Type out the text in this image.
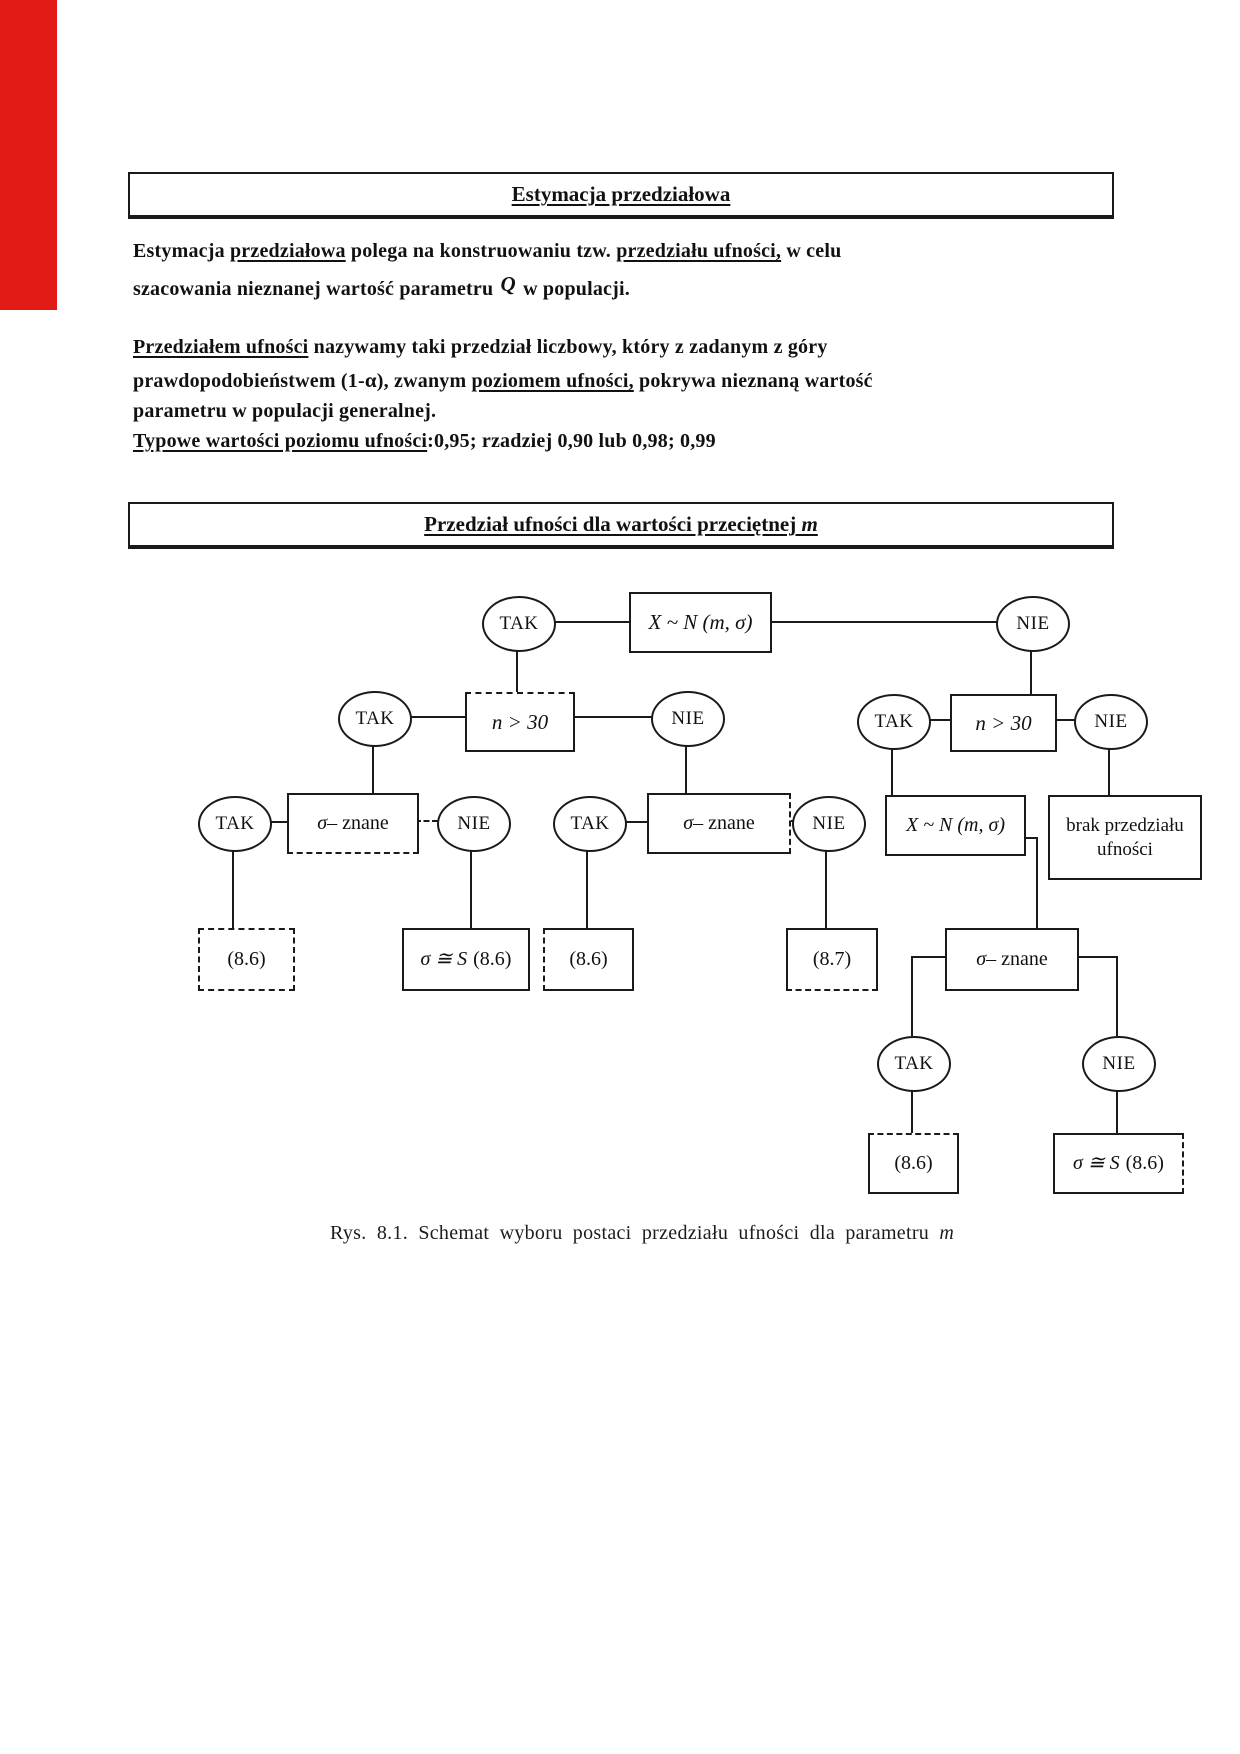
Estymacja przedziałowa
Estymacja przedziałowa polega na konstruowaniu tzw. przedziału ufności, w celu
szacowania nieznanej wartość parametru Q w populacji.
Przedziałem ufności nazywamy taki przedział liczbowy, który z zadanym z góry
prawdopodobieństwem (1-α), zwanym poziomem ufności, pokrywa nieznaną wartość
parametru w populacji generalnej.
Typowe wartości poziomu ufności:0,95; rzadziej 0,90 lub 0,98; 0,99
Przedział ufności dla wartości przeciętnej m
TAK	X ~ N (m, σ)	NIE
TAK	n > 30	NIE	TAK	n > 30	NIE
TAK	σ – znane	NIE	TAK	σ – znane	NIE	X ~ N (m, σ)	brak przedziału ufności
(8.6)	σ ≅ S (8.6)	(8.6)	(8.7)	σ – znane
TAK	NIE
(8.6)	σ ≅ S (8.6)
Rys. 8.1. Schemat wyboru postaci przedziału ufności dla parametru m
